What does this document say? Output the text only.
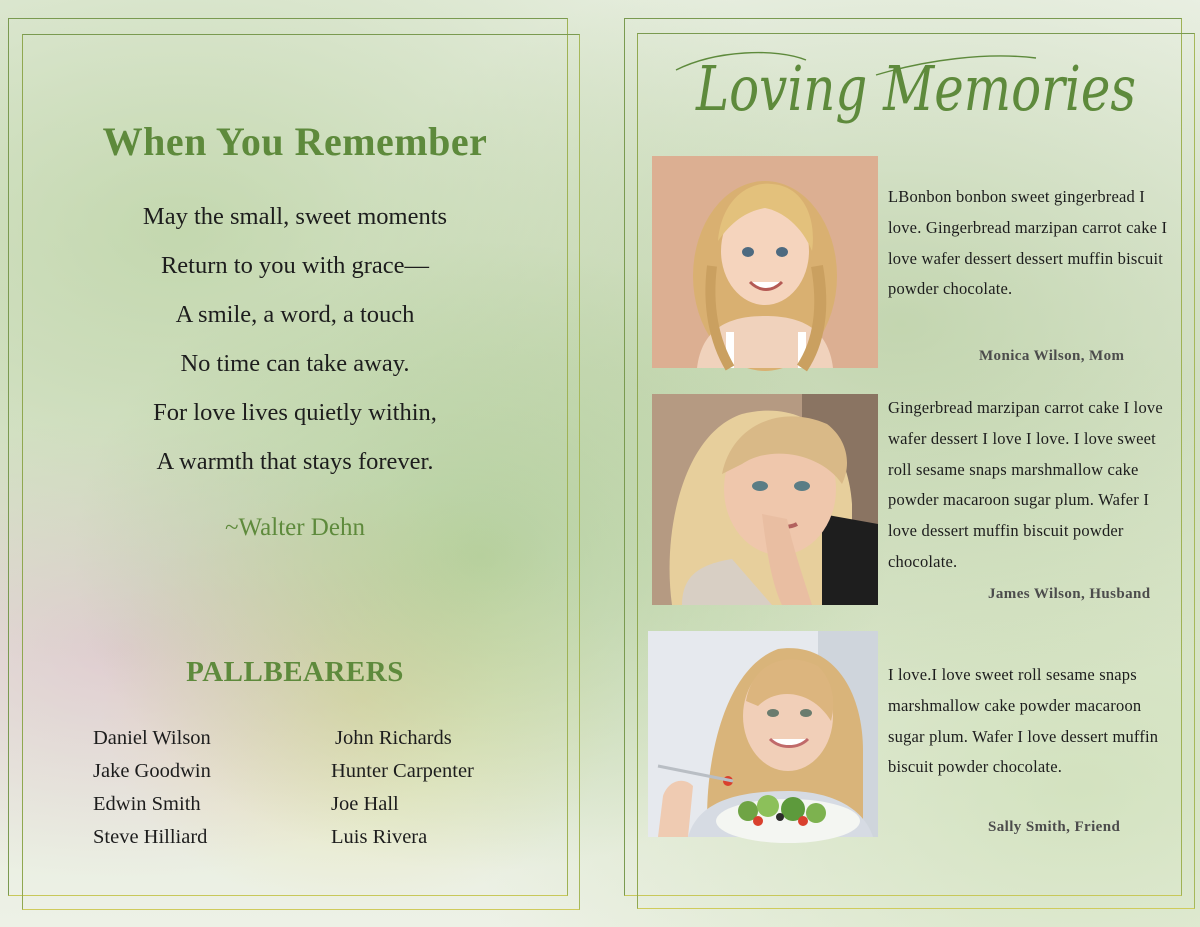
When You Remember
May the small, sweet moments
Return to you with grace—
A smile, a word, a touch
No time can take away.
For love lives quietly within,
A warmth that stays forever.
~Walter Dehn
PALLBEARERS
Daniel Wilson
Jake Goodwin
Edwin Smith
Steve Hilliard
John Richards
Hunter Carpenter
Joe Hall
Luis Rivera
Loving Memories
LBonbon bonbon sweet gingerbread I love. Gingerbread marzipan carrot cake I love wafer dessert dessert muffin biscuit powder chocolate.
Monica Wilson, Mom
Gingerbread marzipan carrot cake I love wafer dessert I love I love. I love sweet roll sesame snaps marshmallow cake powder macaroon sugar plum. Wafer I love dessert muffin biscuit powder chocolate.
James Wilson, Husband
I love.I love sweet roll sesame snaps marshmallow cake powder macaroon sugar plum. Wafer I love dessert muffin biscuit powder chocolate.
Sally Smith, Friend
